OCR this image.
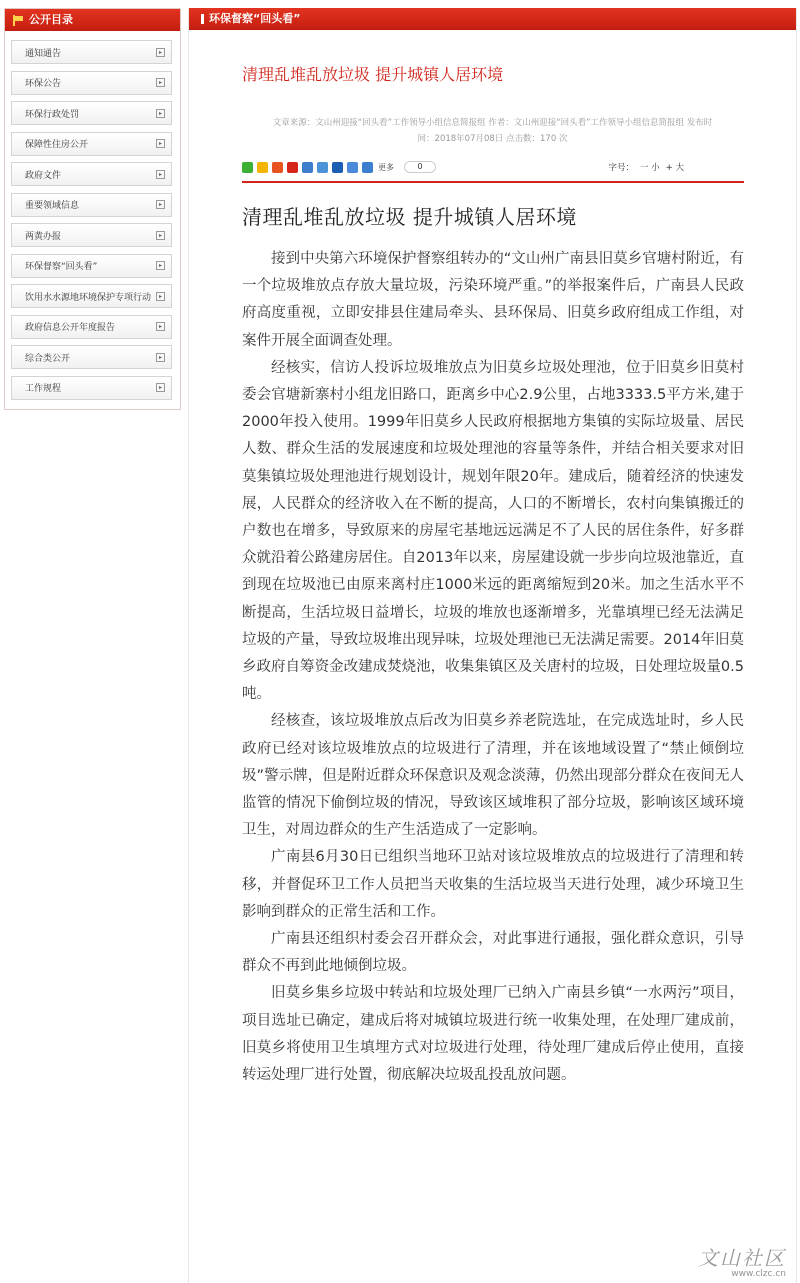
公开目录
通知通告	▸
环保公告	▸
环保行政处罚	▸
保障性住房公开	▸
政府文件	▸
重要领域信息	▸
两黄办报	▸
环保督察“回头看”	▸
饮用水水源地环境保护专项行动	▸
政府信息公开年度报告	▸
综合类公开	▸
工作规程	▸
环保督察“回头看”
清理乱堆乱放垃圾 提升城镇人居环境
文章来源：文山州迎接“回头看”工作领导小组信息简报组 作者：文山州迎接“回头看”工作领导小组信息简报组 发布时
间：2018年07月08日 点击数：170 次
更多	0	字号： 一 小 + 大
清理乱堆乱放垃圾 提升城镇人居环境

接到中央第六环境保护督察组转办的“文山州广南县旧莫乡官塘村附近，有一个垃圾堆放点存放大量垃圾，污染环境严重。”的举报案件后，广南县人民政府高度重视，立即安排县住建局牵头、县环保局、旧莫乡政府组成工作组，对案件开展全面调查处理。

经核实，信访人投诉垃圾堆放点为旧莫乡垃圾处理池，位于旧莫乡旧莫村委会官塘新寨村小组龙旧路口，距离乡中心2.9公里，占地3333.5平方米,建于2000年投入使用。1999年旧莫乡人民政府根据地方集镇的实际垃圾量、居民人数、群众生活的发展速度和垃圾处理池的容量等条件，并结合相关要求对旧莫集镇垃圾处理池进行规划设计，规划年限20年。建成后，随着经济的快速发展，人民群众的经济收入在不断的提高，人口的不断增长，农村向集镇搬迁的户数也在增多，导致原来的房屋宅基地远远满足不了人民的居住条件，好多群众就沿着公路建房居住。自2013年以来，房屋建设就一步步向垃圾池靠近，直到现在垃圾池已由原来离村庄1000米远的距离缩短到20米。加之生活水平不断提高，生活垃圾日益增长，垃圾的堆放也逐渐增多，光靠填埋已经无法满足垃圾的产量，导致垃圾堆出现异味，垃圾处理池已无法满足需要。2014年旧莫乡政府自筹资金改建成焚烧池，收集集镇区及关唐村的垃圾，日处理垃圾量0.5吨。

经核查，该垃圾堆放点后改为旧莫乡养老院选址，在完成选址时，乡人民政府已经对该垃圾堆放点的垃圾进行了清理，并在该地域设置了“禁止倾倒垃圾”警示牌，但是附近群众环保意识及观念淡薄，仍然出现部分群众在夜间无人监管的情况下偷倒垃圾的情况，导致该区域堆积了部分垃圾，影响该区域环境卫生，对周边群众的生产生活造成了一定影响。

广南县6月30日已组织当地环卫站对该垃圾堆放点的垃圾进行了清理和转移，并督促环卫工作人员把当天收集的生活垃圾当天进行处理，减少环境卫生影响到群众的正常生活和工作。

广南县还组织村委会召开群众会，对此事进行通报，强化群众意识，引导群众不再到此地倾倒垃圾。

旧莫乡集乡垃圾中转站和垃圾处理厂已纳入广南县乡镇“一水两污”项目，项目选址已确定，建成后将对城镇垃圾进行统一收集处理，在处理厂建成前，旧莫乡将使用卫生填埋方式对垃圾进行处理，待处理厂建成后停止使用，直接转运处理厂进行处置，彻底解决垃圾乱投乱放问题。

文山社区
www.clzc.cn
